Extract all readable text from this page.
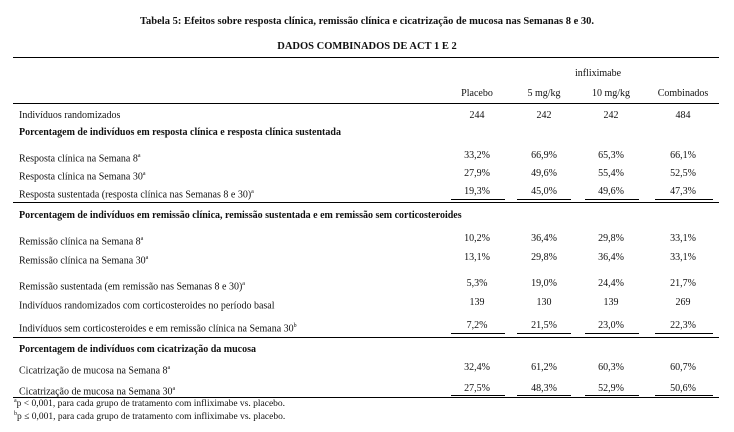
Tabela 5: Efeitos sobre resposta clínica, remissão clínica e cicatrização de mucosa nas Semanas 8 e 30.
DADOS COMBINADOS DE ACT 1 E 2
infliximabe
Placebo	5 mg/kg	10 mg/kg	Combinados
Indivíduos randomizados	244	242	242	484
Porcentagem de indivíduos em resposta clínica e resposta clínica sustentada
Resposta clínica na Semana 8$^a$	33,2%	66,9%	65,3%	66,1%
Resposta clínica na Semana 30$^a$	27,9%	49,6%	55,4%	52,5%
Resposta sustentada (resposta clínica nas Semanas 8 e 30)$^a$	19,3%	45,0%	49,6%	47,3%
Porcentagem de indivíduos em remissão clínica, remissão sustentada e em remissão sem corticosteroides
Remissão clínica na Semana 8$^a$	10,2%	36,4%	29,8%	33,1%
Remissão clínica na Semana 30$^a$	13,1%	29,8%	36,4%	33,1%
Remissão sustentada (em remissão nas Semanas 8 e 30)$^a$	5,3%	19,0%	24,4%	21,7%
Indivíduos randomizados com corticosteroides no período basal	139	130	139	269
Indivíduos sem corticosteroides e em remissão clínica na Semana 30$^b$	7,2%	21,5%	23,0%	22,3%
Porcentagem de indivíduos com cicatrização da mucosa
Cicatrização de mucosa na Semana 8$^a$	32,4%	61,2%	60,3%	60,7%
Cicatrização de mucosa na Semana 30$^a$	27,5%	48,3%	52,9%	50,6%
$^a$p < 0,001, para cada grupo de tratamento com infliximabe vs. placebo.
$^b$p ≤ 0,001, para cada grupo de tratamento com infliximabe vs. placebo.
